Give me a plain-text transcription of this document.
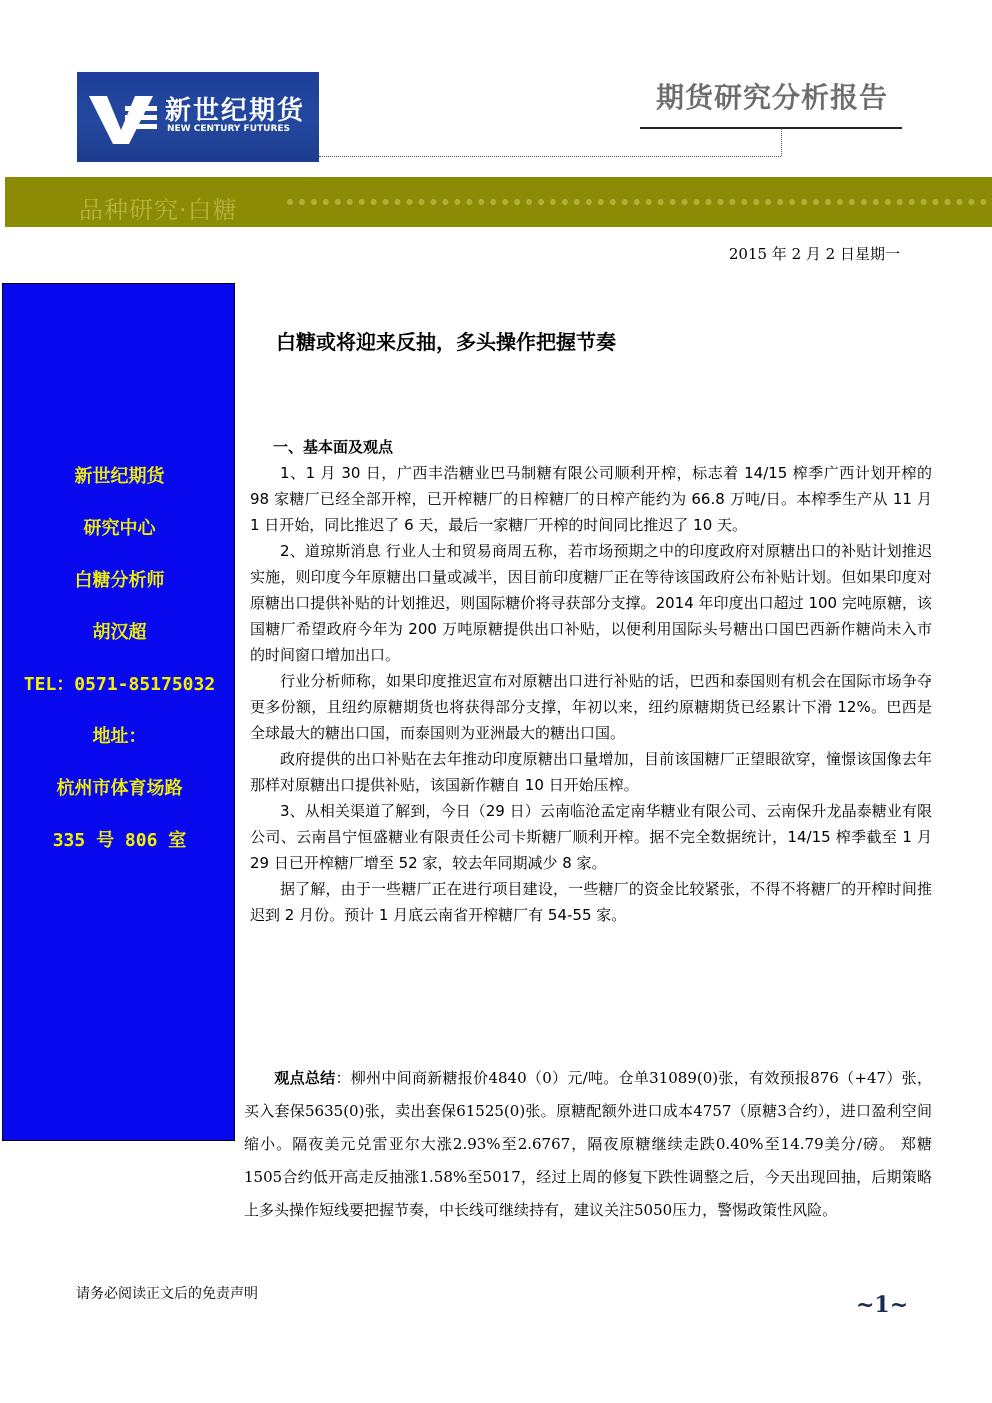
新世纪期货
NEW CENTURY FUTURES
期货研究分析报告
品种研究·白糖
2015 年 2 月 2 日星期一
新世纪期货
研究中心
白糖分析师
胡汉超
TEL：0571-85175032
地址：
杭州市体育场路
335 号 806 室
白糖或将迎来反抽，多头操作把握节奏
一、基本面及观点

1、1 月 30 日，广西丰浩糖业巴马制糖有限公司顺利开榨，标志着 14/15 榨季广西计划开榨的 98 家糖厂已经全部开榨，已开榨糖厂的日榨糖厂的日榨产能约为 66.8 万吨/日。本榨季生产从 11 月 1 日开始，同比推迟了 6 天，最后一家糖厂开榨的时间同比推迟了 10 天。

2、道琼斯消息 行业人士和贸易商周五称，若市场预期之中的印度政府对原糖出口的补贴计划推迟实施，则印度今年原糖出口量或减半，因目前印度糖厂正在等待该国政府公布补贴计划。但如果印度对原糖出口提供补贴的计划推迟，则国际糖价将寻获部分支撑。2014 年印度出口超过 100 完吨原糖，该国糖厂希望政府今年为 200 万吨原糖提供出口补贴，以便利用国际头号糖出口国巴西新作糖尚未入市的时间窗口增加出口。

行业分析师称，如果印度推迟宣布对原糖出口进行补贴的话，巴西和泰国则有机会在国际市场争夺更多份额，且纽约原糖期货也将获得部分支撑，年初以来，纽约原糖期货已经累计下滑 12%。巴西是全球最大的糖出口国，而泰国则为亚洲最大的糖出口国。

政府提供的出口补贴在去年推动印度原糖出口量增加，目前该国糖厂正望眼欲穿，憧憬该国像去年那样对原糖出口提供补贴，该国新作糖自 10 日开始压榨。

3、从相关渠道了解到，今日（29 日）云南临沧孟定南华糖业有限公司、云南保升龙晶泰糖业有限公司、云南昌宁恒盛糖业有限责任公司卡斯糖厂顺利开榨。据不完全数据统计，14/15 榨季截至 1 月 29 日已开榨糖厂增至 52 家，较去年同期减少 8 家。

据了解，由于一些糖厂正在进行项目建设，一些糖厂的资金比较紧张，不得不将糖厂的开榨时间推迟到 2 月份。预计 1 月底云南省开榨糖厂有 54-55 家。

观点总结：柳州中间商新糖报价4840（0）元/吨。仓单31089(0)张，有效预报876（+47）张，买入套保5635(0)张，卖出套保61525(0)张。原糖配额外进口成本4757（原糖3合约），进口盈利空间缩小。隔夜美元兑雷亚尔大涨2.93%至2.6767，隔夜原糖继续走跌0.40%至14.79美分/磅。 郑糖1505合约低开高走反抽涨1.58%至5017，经过上周的修复下跌性调整之后，今天出现回抽，后期策略上多头操作短线要把握节奏，中长线可继续持有，建议关注5050压力，警惕政策性风险。
请务必阅读正文后的免责声明	~1~
